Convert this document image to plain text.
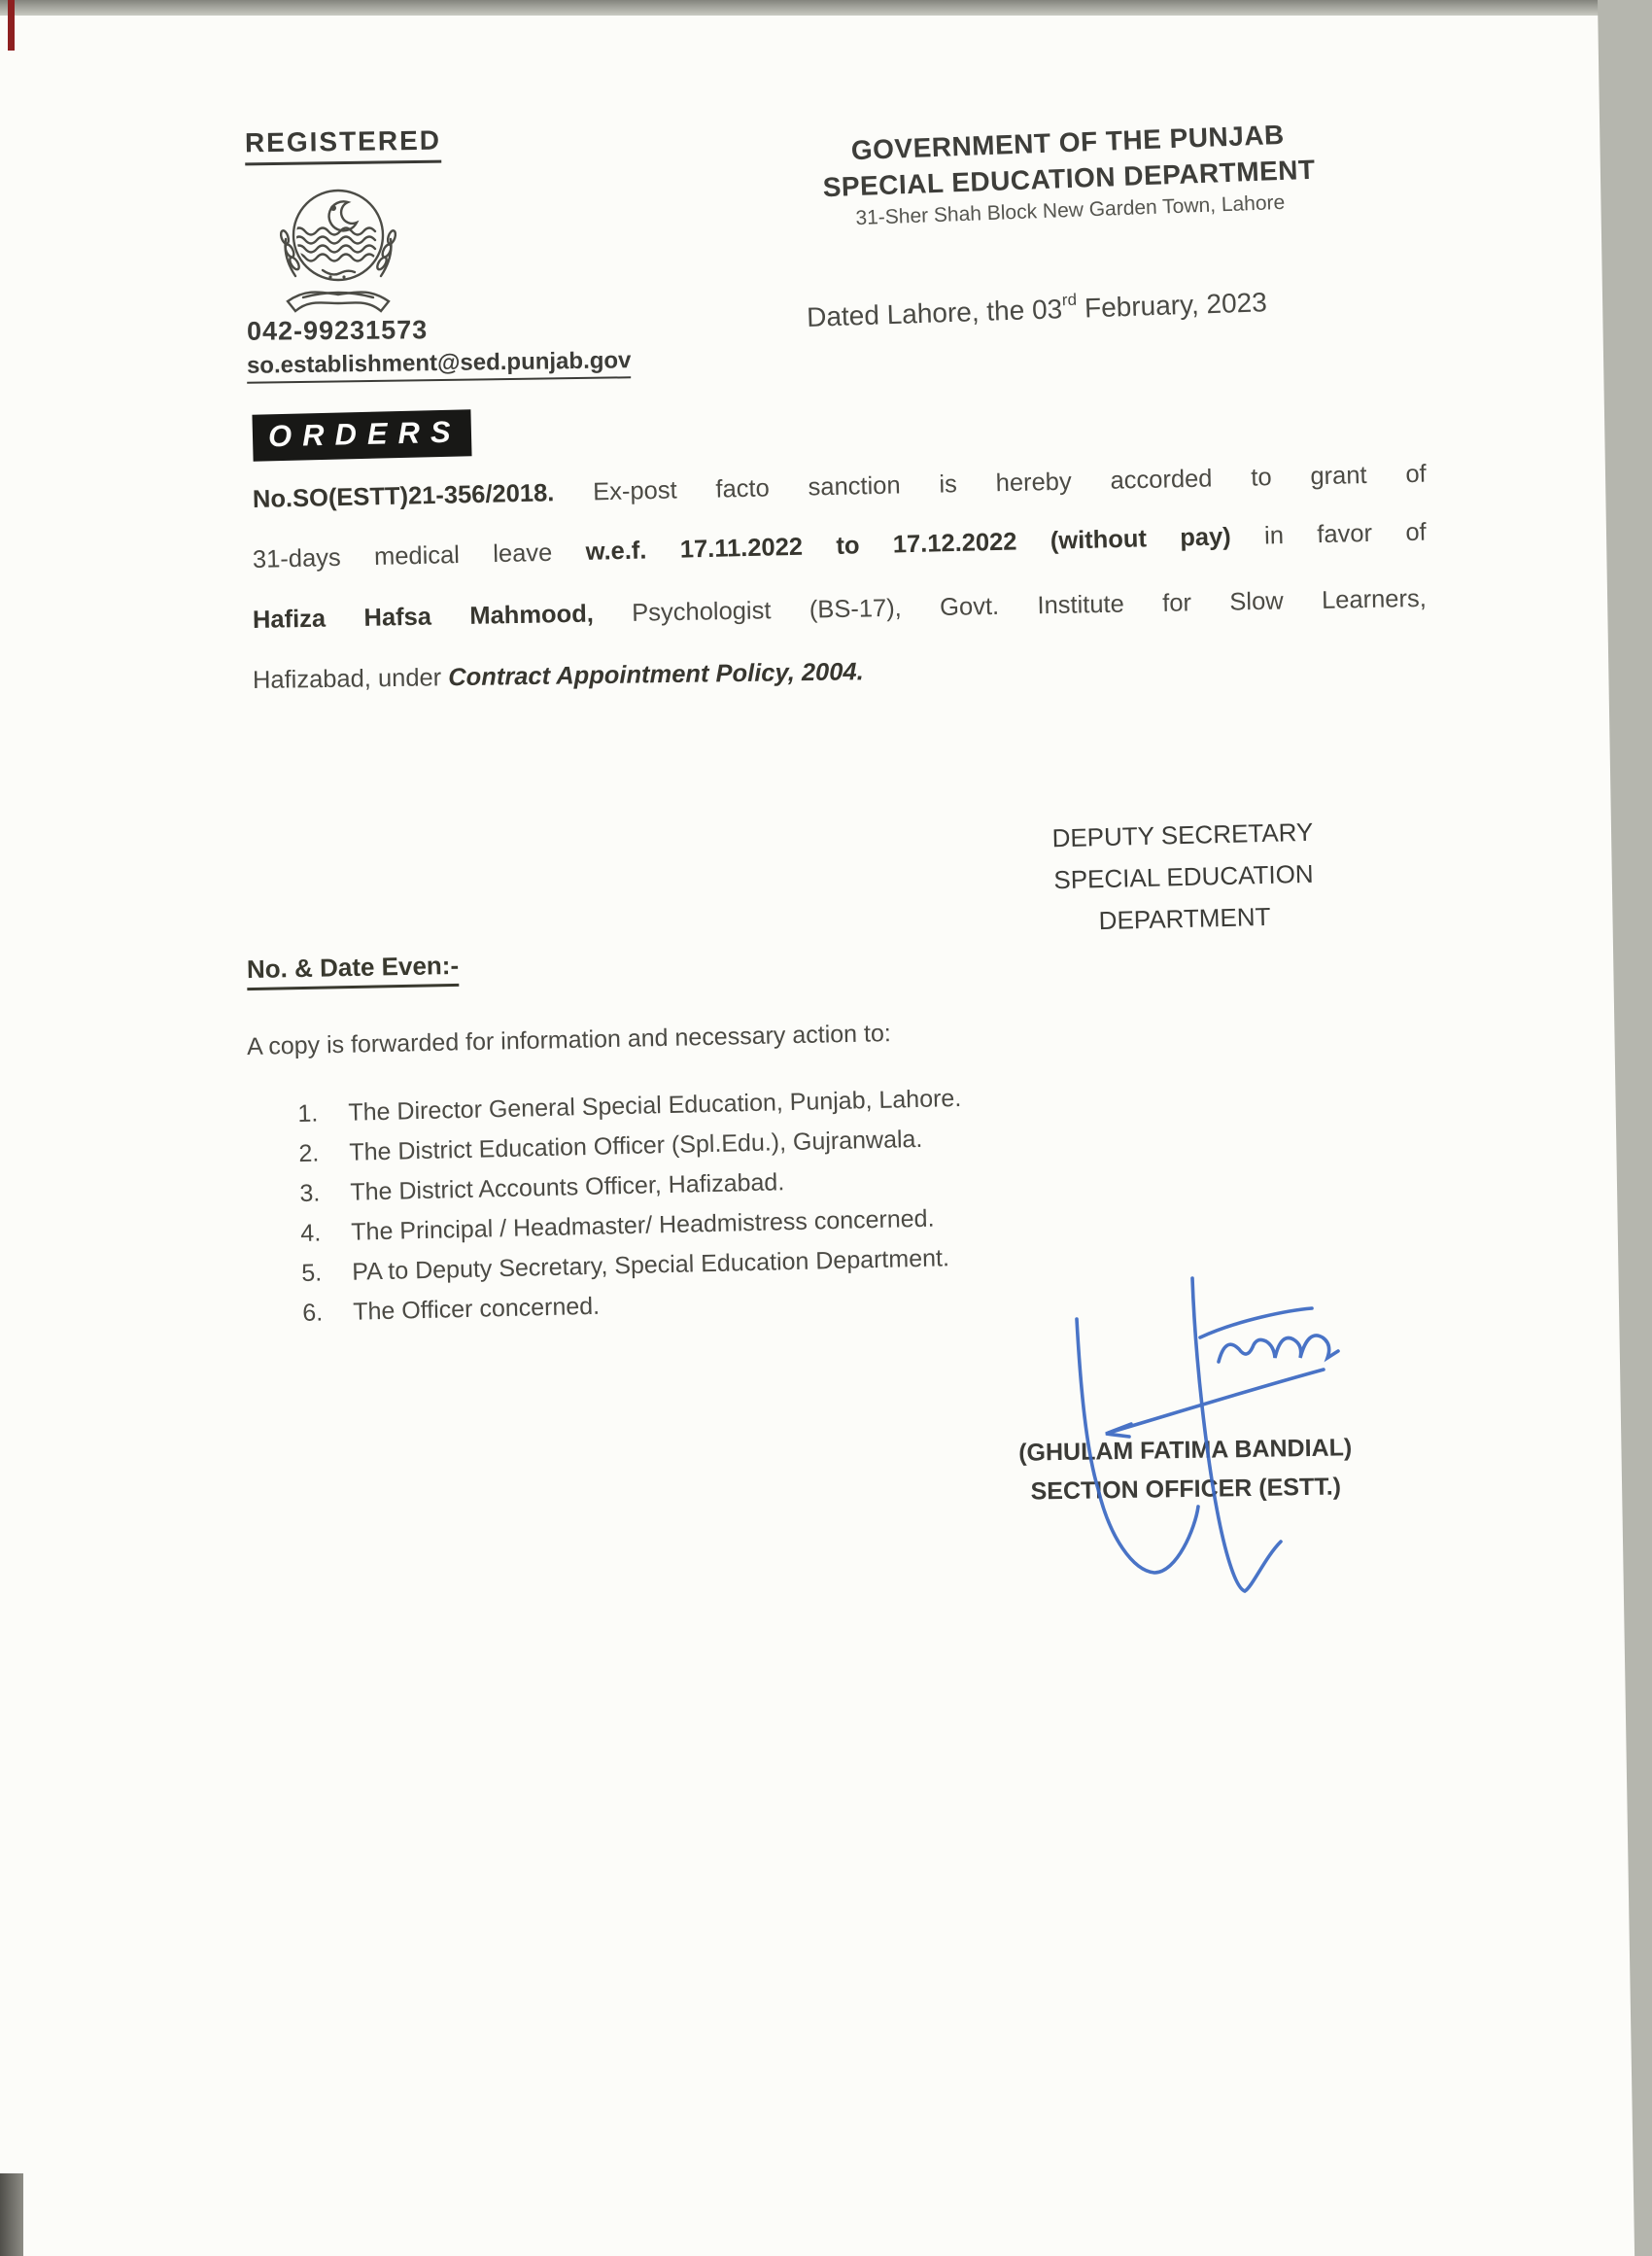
REGISTERED
042-99231573
so.establishment@sed.punjab.gov
GOVERNMENT OF THE PUNJAB
SPECIAL EDUCATION DEPARTMENT
31-Sher Shah Block New Garden Town, Lahore
Dated Lahore, the 03rd February, 2023
ORDERS
No.SO(ESTT)21-356/2018. Ex-post facto sanction is hereby accorded to grant of
31-days medical leave w.e.f. 17.11.2022 to 17.12.2022 (without pay) in favor of
Hafiza Hafsa Mahmood, Psychologist (BS-17), Govt. Institute for Slow Learners,
Hafizabad, under Contract Appointment Policy, 2004.
DEPUTY SECRETARY
SPECIAL EDUCATION
DEPARTMENT
No. & Date Even:-
A copy is forwarded for information and necessary action to:
1.	The Director General Special Education, Punjab, Lahore.
2.	The District Education Officer (Spl.Edu.), Gujranwala.
3.	The District Accounts Officer, Hafizabad.
4.	The Principal / Headmaster/ Headmistress concerned.
5.	PA to Deputy Secretary, Special Education Department.
6.	The Officer concerned.
(GHULAM FATIMA BANDIAL)
SECTION OFFICER (ESTT.)
